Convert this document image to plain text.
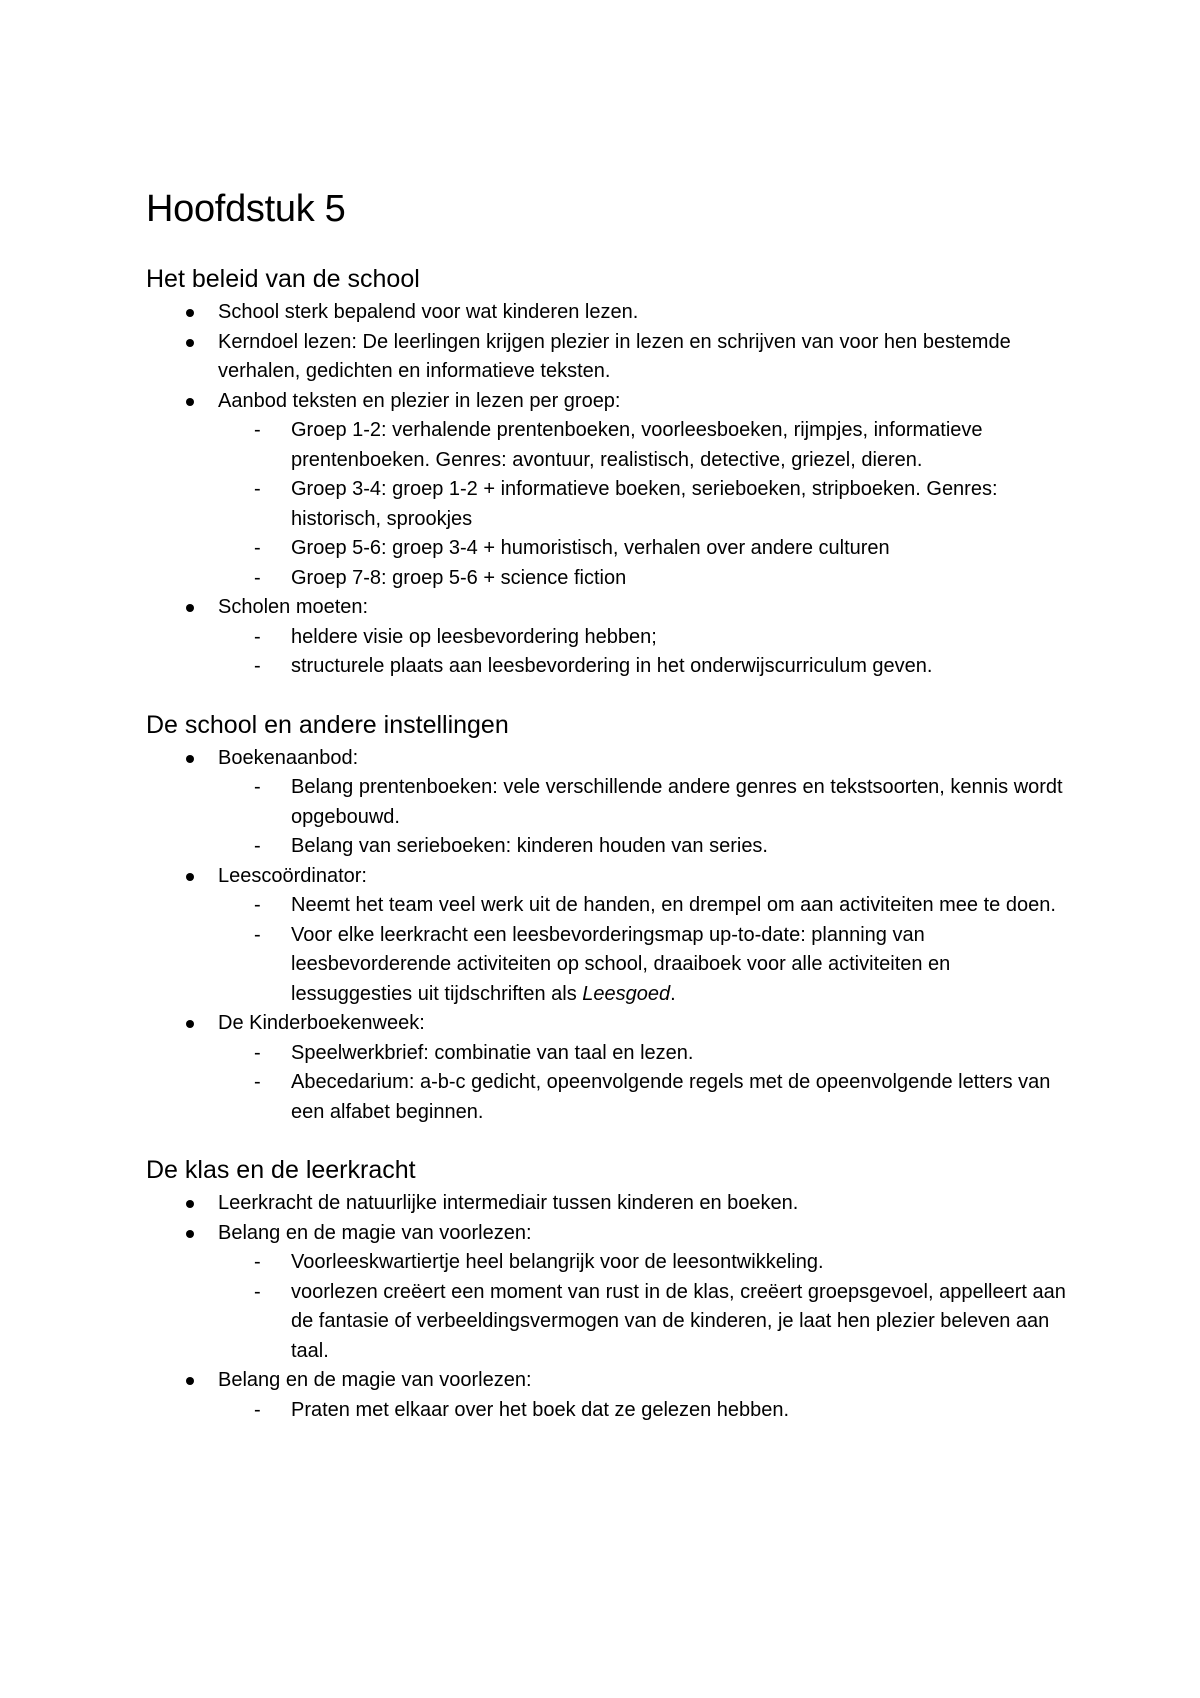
Hoofdstuk 5
Het beleid van de school
School sterk bepalend voor wat kinderen lezen.
Kerndoel lezen: De leerlingen krijgen plezier in lezen en schrijven van voor hen bestemde verhalen, gedichten en informatieve teksten.
Aanbod teksten en plezier in lezen per groep:
- Groep 1-2: verhalende prentenboeken, voorleesboeken, rijmpjes, informatieve prentenboeken. Genres: avontuur, realistisch, detective, griezel, dieren.
- Groep 3-4: groep 1-2 + informatieve boeken, serieboeken, stripboeken. Genres: historisch, sprookjes
- Groep 5-6: groep 3-4 + humoristisch, verhalen over andere culturen
- Groep 7-8: groep 5-6 + science fiction
Scholen moeten:
- heldere visie op leesbevordering hebben;
- structurele plaats aan leesbevordering in het onderwijscurriculum geven.
De school en andere instellingen
Boekenaanbod:
- Belang prentenboeken: vele verschillende andere genres en tekstsoorten, kennis wordt opgebouwd.
- Belang van serieboeken: kinderen houden van series.
Leescoördinator:
- Neemt het team veel werk uit de handen, en drempel om aan activiteiten mee te doen.
- Voor elke leerkracht een leesbevorderingsmap up-to-date: planning van leesbevorderende activiteiten op school, draaiboek voor alle activiteiten en lessuggesties uit tijdschriften als Leesgoed.
De Kinderboekenweek:
- Speelwerkbrief: combinatie van taal en lezen.
- Abecedarium: a-b-c gedicht, opeenvolgende regels met de opeenvolgende letters van een alfabet beginnen.
De klas en de leerkracht
Leerkracht de natuurlijke intermediair tussen kinderen en boeken.
Belang en de magie van voorlezen:
- Voorleeskwartiertje heel belangrijk voor de leesontwikkeling.
- voorlezen creëert een moment van rust in de klas, creëert groepsgevoel, appelleert aan de fantasie of verbeeldingsvermogen van de kinderen, je laat hen plezier beleven aan taal.
Belang en de magie van voorlezen:
- Praten met elkaar over het boek dat ze gelezen hebben.
